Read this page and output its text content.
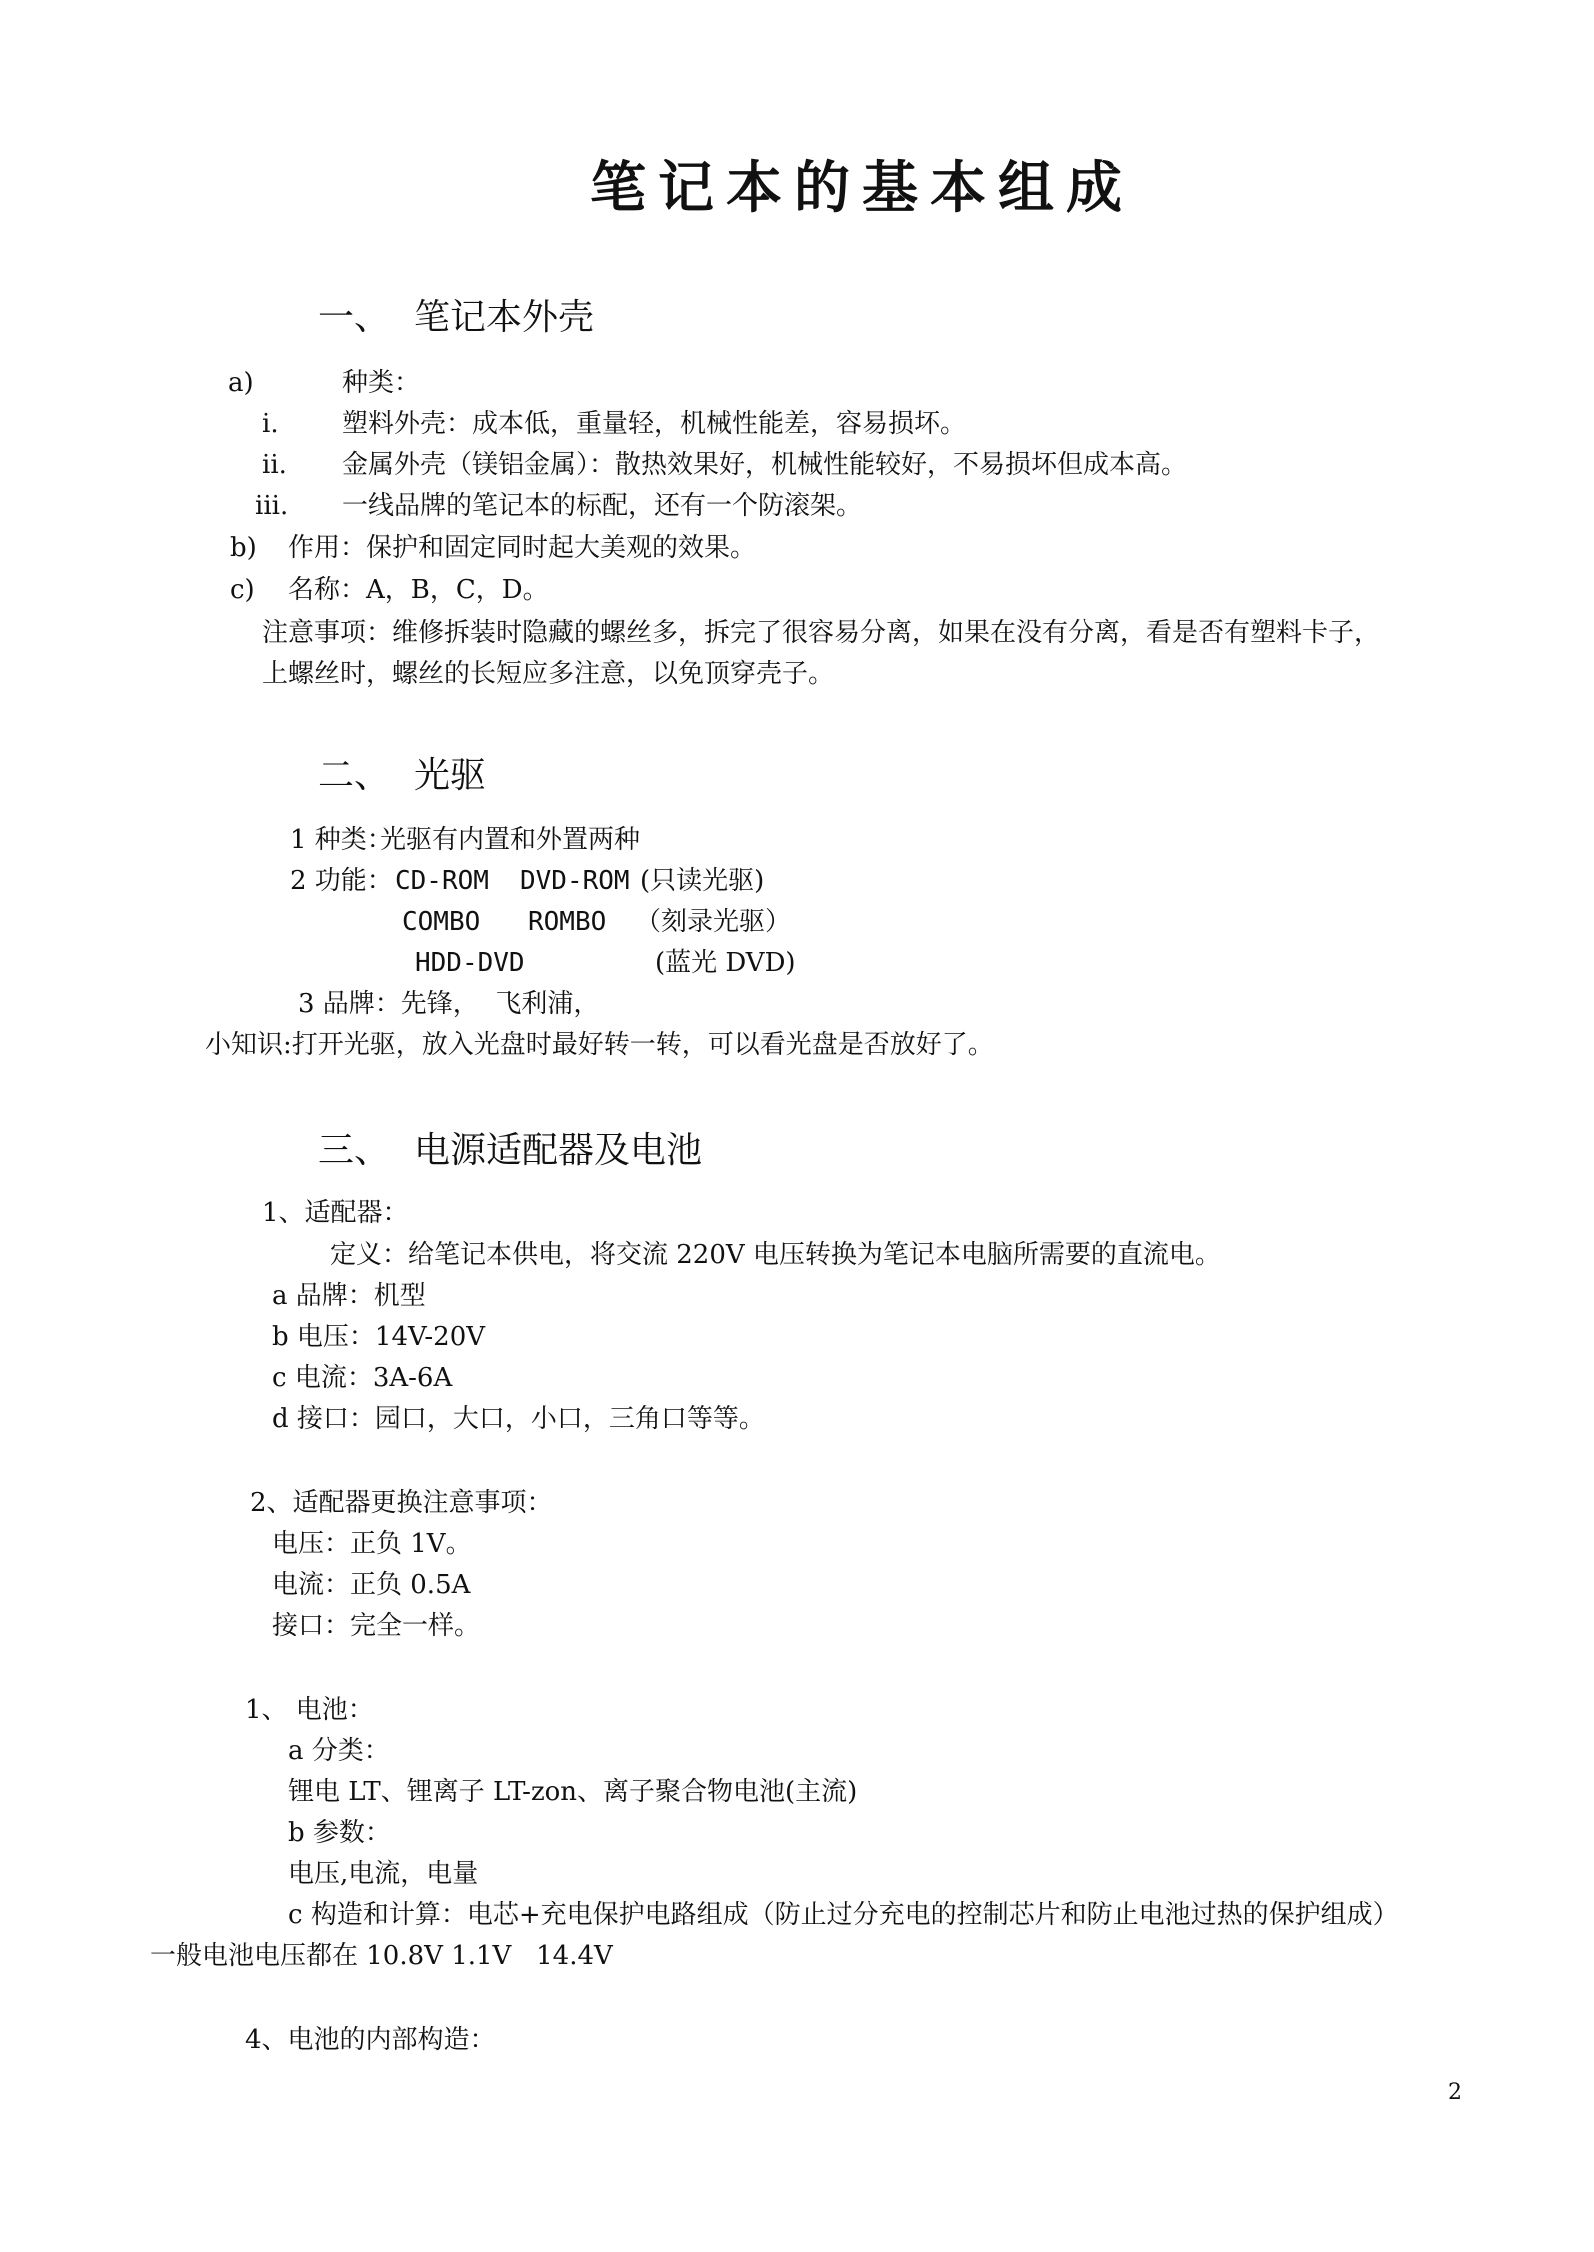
笔记本的基本组成
一、 笔记本外壳
a)	种类：
i. 塑料外壳：成本低，重量轻，机械性能差，容易损坏。
ii. 金属外壳（镁铝金属）：散热效果好，机械性能较好，不易损坏但成本高。
iii. 一线品牌的笔记本的标配，还有一个防滚架。
b) 作用：保护和固定同时起大美观的效果。
c) 名称：A，B，C，D。
注意事项：维修拆装时隐藏的螺丝多，拆完了很容易分离，如果在没有分离，看是否有塑料卡子，
上螺丝时，螺丝的长短应多注意，以免顶穿壳子。
二、 光驱
1 种类：
光驱有内置和外置两种
2 功能： CD-ROM DVD-ROM (只读光驱)
COMBO ROMBO （刻录光驱）
HDD-DVD	(蓝光 DVD)
3 品牌：先锋，  飞利浦，
小知识:打开光驱，放入光盘时最好转一转，可以看光盘是否放好了。
三、 电源适配器及电池
1、适配器：
定义：给笔记本供电，将交流 220V 电压转换为笔记本电脑所需要的直流电。
a 品牌：机型
b 电压：14V-20V
c 电流：3A-6A
d 接口：园口，大口，小口，三角口等等。
2、适配器更换注意事项：
电压：正负 1V。
电流：正负 0.5A
接口：完全一样。
1、 电池：
a 分类：
锂电 LT、锂离子 LT-zon、离子聚合物电池(主流)
b 参数：
电压,电流，电量
c 构造和计算：电芯+充电保护电路组成（防止过分充电的控制芯片和防止电池过热的保护组成）
一般电池电压都在 10.8V 1.1V   14.4V
4、电池的内部构造：
2
